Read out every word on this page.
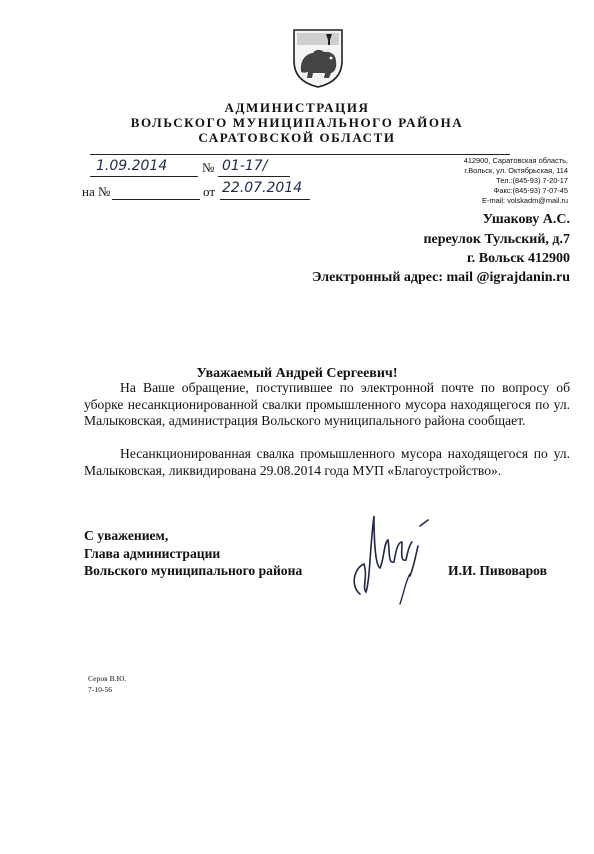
АДМИНИСТРАЦИЯ
ВОЛЬСКОГО МУНИЦИПАЛЬНОГО РАЙОНА
САРАТОВСКОЙ ОБЛАСТИ
1.09.2014	№ 01-17/
на №	от 22.07.2014
412900, Саратовская область,
г.Вольск, ул. Октябрьская, 114
Тел.:(845-93) 7-20-17
Факс:(845-93) 7-07-45
E-mail: volskadm@mail.ru
Ушакову А.С.
переулок Тульский, д.7
г. Вольск 412900
Электронный адрес: mail @igrajdanin.ru
Уважаемый Андрей Сергеевич!
На Ваше обращение, поступившее по электронной почте по вопросу об уборке несанкционированной свалки промышленного мусора находящегося по ул. Малыковская, администрация Вольского муниципального района сообщает.
Несанкционированная свалка промышленного мусора находящегося по ул. Малыковская, ликвидирована 29.08.2014 года МУП «Благоустройство».
С уважением,
Глава администрации
Вольского муниципального района	И.И. Пивоваров
Серов В.Ю.
7-10-56
